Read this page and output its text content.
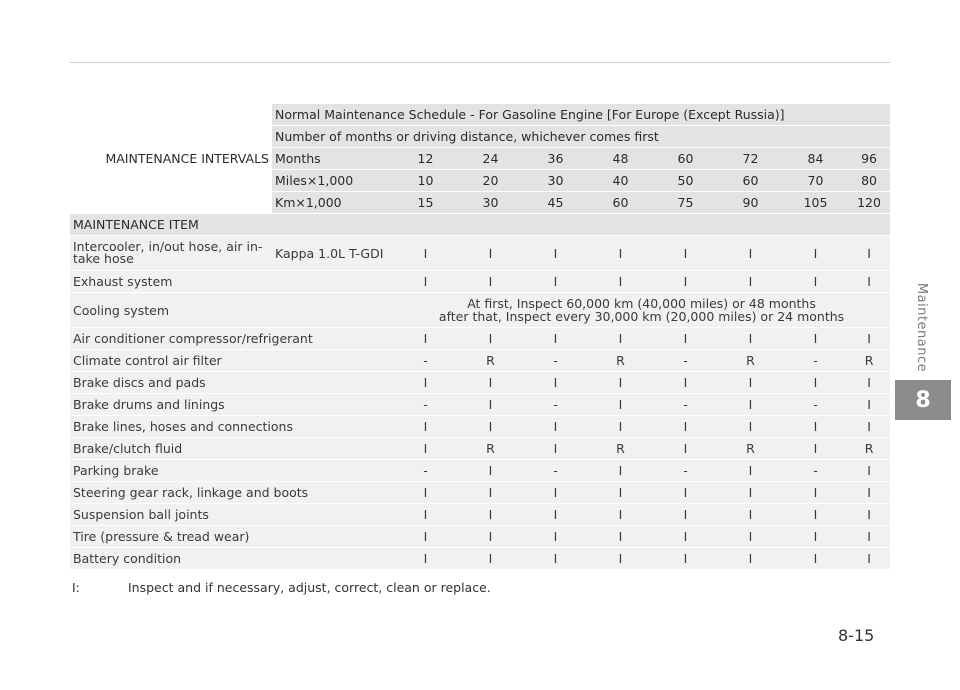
MAINTENANCE INTERVALS	Normal Maintenance Schedule - For Gasoline Engine [For Europe (Except Russia)]								
	Number of months or driving distance, whichever comes first								
	Months	12	24	36	48	60	72	84	96
	Miles×1,000	10	20	30	40	50	60	70	80
	Km×1,000	15	30	45	60	75	90	105	120
MAINTENANCE ITEM									
Intercooler, in/out hose, air in-take hose	Kappa 1.0L T-GDI	I	I	I	I	I	I	I	I
Exhaust system		I	I	I	I	I	I	I	I
Cooling system		At first, Inspect 60,000 km (40,000 miles) or 48 months
after that, Inspect every 30,000 km (20,000 miles) or 24 months							

Air conditioner compressor/refrigerant		I	I	I	I	I	I	I	I
Climate control air filter		-	R	-	R	-	R	-	R
Brake discs and pads		I	I	I	I	I	I	I	I
Brake drums and linings		-	I	-	I	-	I	-	I
Brake lines, hoses and connections		I	I	I	I	I	I	I	I
Brake/clutch fluid		I	R	I	R	I	R	I	R
Parking brake		-	I	-	I	-	I	-	I
Steering gear rack, linkage and boots		I	I	I	I	I	I	I	I
Suspension ball joints		I	I	I	I	I	I	I	I
Tire (pressure & tread wear)		I	I	I	I	I	I	I	I
Battery condition		I	I	I	I	I	I	I	I
I:	Inspect and if necessary, adjust, correct, clean or replace.
Maintenance
8
8-15
